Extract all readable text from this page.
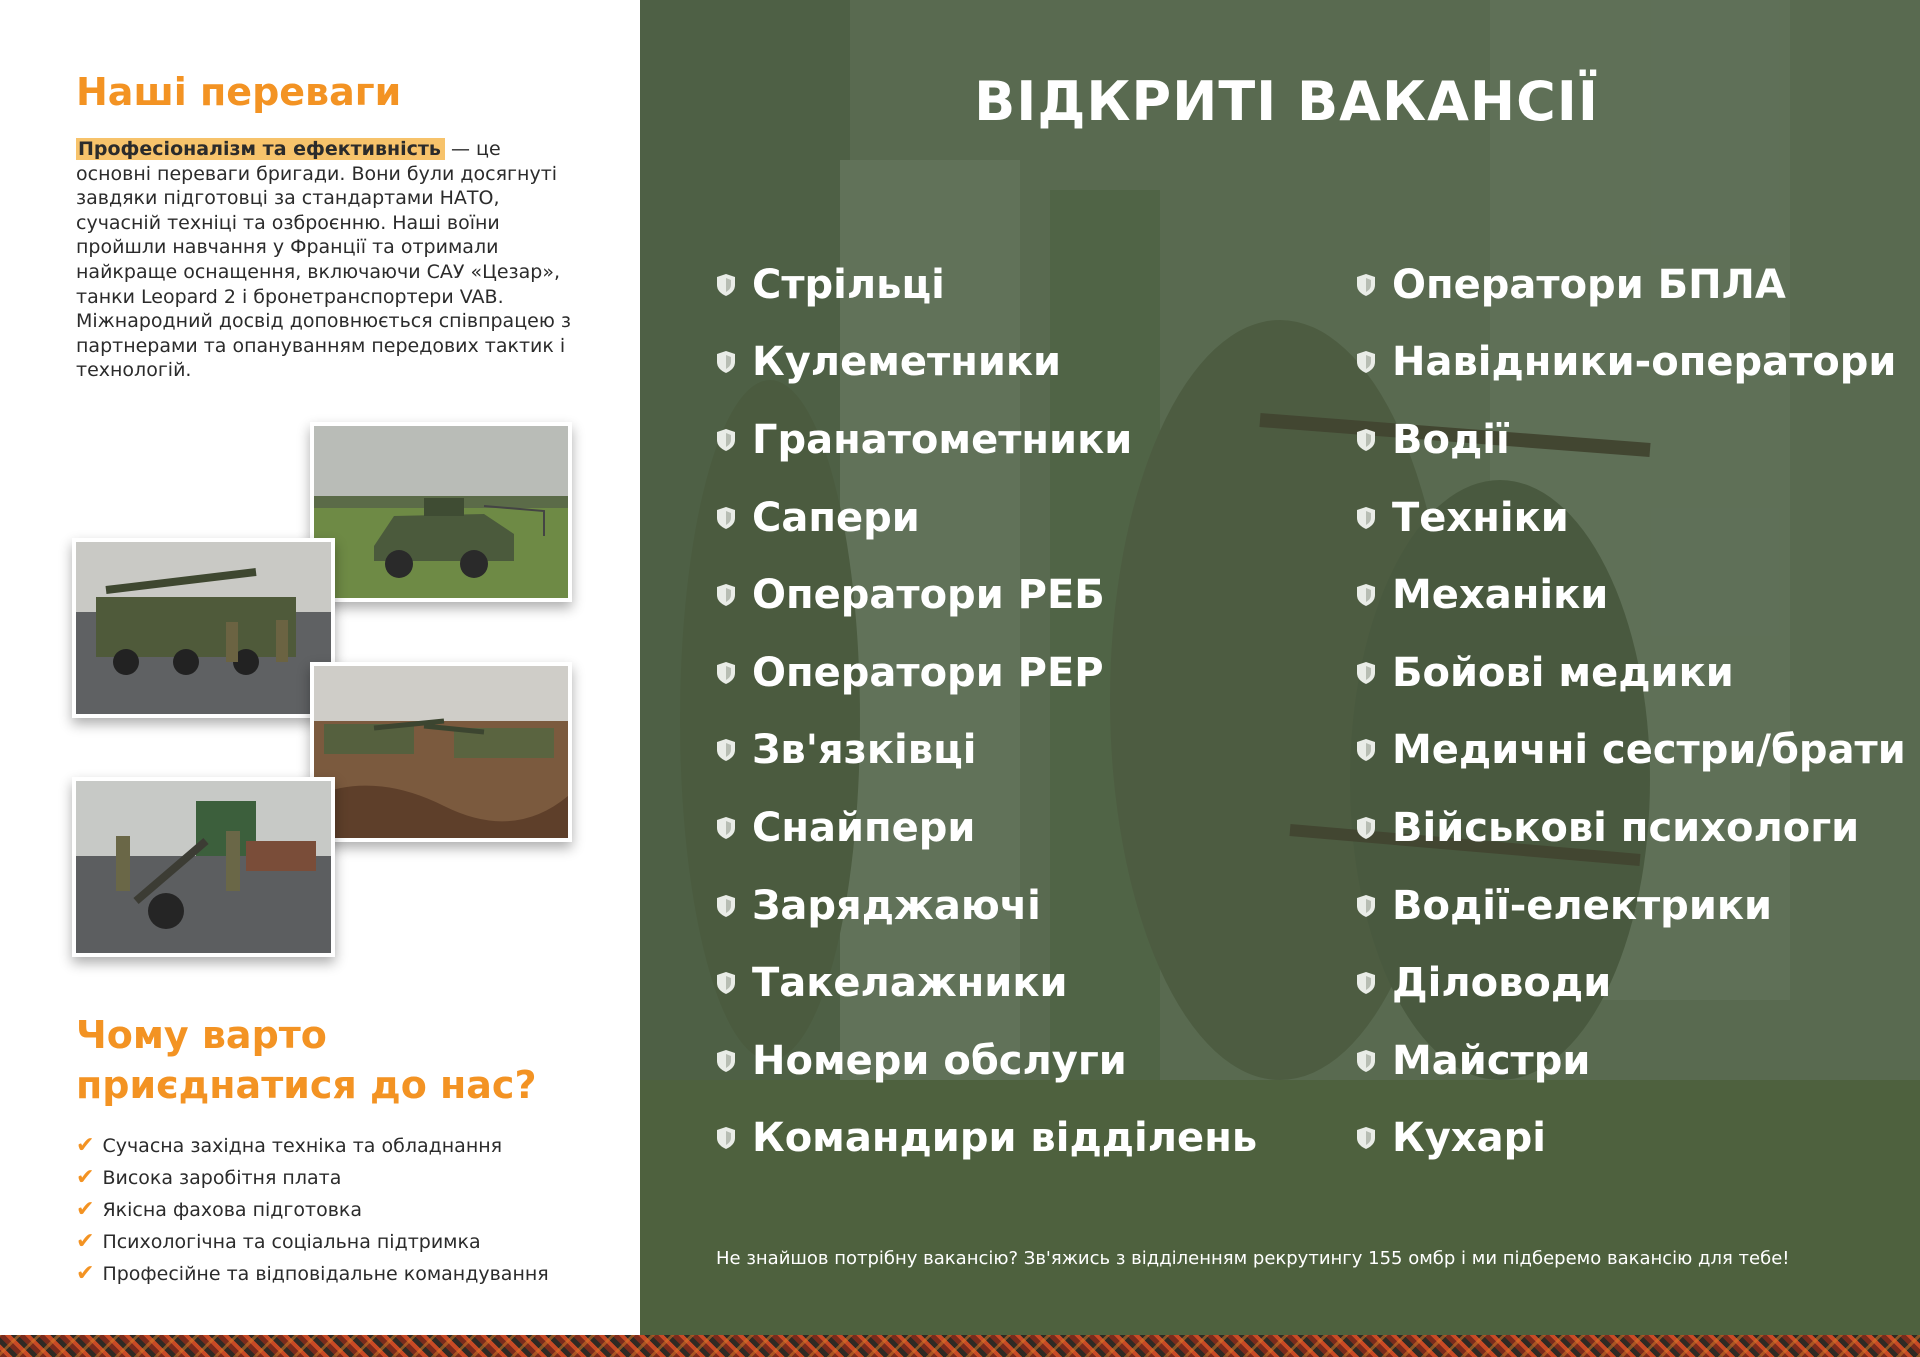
Наші переваги

Професіоналізм та ефективність — це основні переваги бригади. Вони були досягнуті завдяки підготовці за стандартами НАТО, сучасній техніці та озброєнню. Наші воїни пройшли навчання у Франції та отримали найкраще оснащення, включаючи САУ «Цезар», танки Leopard 2 і бронетранспортери VAB. Міжнародний досвід доповнюється співпрацею з партнерами та опануванням передових тактик і технологій.

Чому варто
приєднатися до нас?
✔ Сучасна західна техніка та обладнання
✔ Висока заробітня плата
✔ Якісна фахова підготовка
✔ Психологічна та соціальна підтримка
✔ Професійне та відповідальне командування
ВІДКРИТІ ВАКАНСІЇ
Стрільці
Кулеметники
Гранатометники
Сапери
Оператори РЕБ
Оператори РЕР
Зв'язківці
Снайпери
Заряджаючі
Такелажники
Номери обслуги
Командири відділень
Оператори БПЛА
Навідники-оператори
Водії
Техніки
Механіки
Бойові медики
Медичні сестри/брати
Військові психологи
Водії-електрики
Діловоди
Майстри
Кухарі

Не знайшов потрібну вакансію? Зв'яжись з відділенням рекрутингу 155 омбр і ми підберемо вакансію для тебе!
